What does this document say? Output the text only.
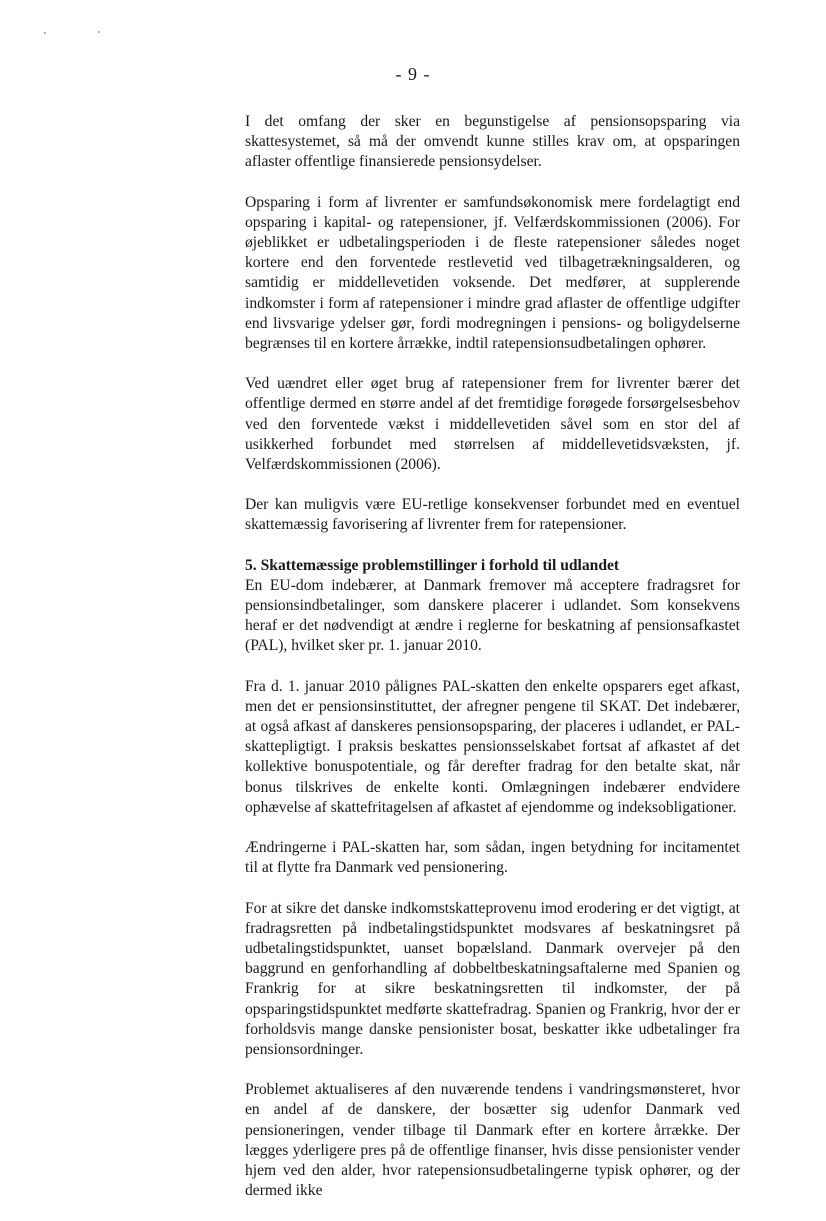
- 9 -

I det omfang der sker en begunstigelse af pensionsopsparing via skattesystemet, så må der omvendt kunne stilles krav om, at opsparingen aflaster offentlige finansierede pensionsydelser.

Opsparing i form af livrenter er samfundsøkonomisk mere fordelagtigt end opsparing i kapital- og ratepensioner, jf. Velfærdskommissionen (2006). For øjeblikket er udbetalingsperioden i de fleste ratepensioner således noget kortere end den forventede restlevetid ved tilbagetrækningsalderen, og samtidig er middellevetiden voksende. Det medfører, at supplerende indkomster i form af ratepensioner i mindre grad aflaster de offentlige udgifter end livsvarige ydelser gør, fordi modregningen i pensions- og boligydelserne begrænses til en kortere årrække, indtil ratepensionsudbetalingen ophører.

Ved uændret eller øget brug af ratepensioner frem for livrenter bærer det offentlige dermed en større andel af det fremtidige forøgede forsørgelsesbehov ved den forventede vækst i middellevetiden såvel som en stor del af usikkerhed forbundet med størrelsen af middellevetidsvæksten, jf. Velfærdskommissionen (2006).

Der kan muligvis være EU-retlige konsekvenser forbundet med en eventuel skattemæssig favorisering af livrenter frem for ratepensioner.

5. Skattemæssige problemstillinger i forhold til udlandet

En EU-dom indebærer, at Danmark fremover må acceptere fradragsret for pensionsindbetalinger, som danskere placerer i udlandet. Som konsekvens heraf er det nødvendigt at ændre i reglerne for beskatning af pensionsafkastet (PAL), hvilket sker pr. 1. januar 2010.

Fra d. 1. januar 2010 pålignes PAL-skatten den enkelte opsparers eget afkast, men det er pensionsinstituttet, der afregner pengene til SKAT. Det indebærer, at også afkast af danskeres pensionsopsparing, der placeres i udlandet, er PAL-skattepligtigt. I praksis beskattes pensionsselskabet fortsat af afkastet af det kollektive bonuspotentiale, og får derefter fradrag for den betalte skat, når bonus tilskrives de enkelte konti. Omlægningen indebærer endvidere ophævelse af skattefritagelsen af afkastet af ejendomme og indeksobligationer.

Ændringerne i PAL-skatten har, som sådan, ingen betydning for incitamentet til at flytte fra Danmark ved pensionering.

For at sikre det danske indkomstskatteprovenu imod erodering er det vigtigt, at fradragsretten på indbetalingstidspunktet modsvares af beskatningsret på udbetalingstidspunktet, uanset bopælsland. Danmark overvejer på den baggrund en genforhandling af dobbeltbeskatningsaftalerne med Spanien og Frankrig for at sikre beskatningsretten til indkomster, der på opsparingstidspunktet medførte skattefradrag. Spanien og Frankrig, hvor der er forholdsvis mange danske pensionister bosat, beskatter ikke udbetalinger fra pensionsordninger.

Problemet aktualiseres af den nuværende tendens i vandringsmønsteret, hvor en andel af de danskere, der bosætter sig udenfor Danmark ved pensioneringen, vender tilbage til Danmark efter en kortere årrække. Der lægges yderligere pres på de offentlige finanser, hvis disse pensionister vender hjem ved den alder, hvor ratepensionsudbetalingerne typisk ophører, og der dermed ikke
